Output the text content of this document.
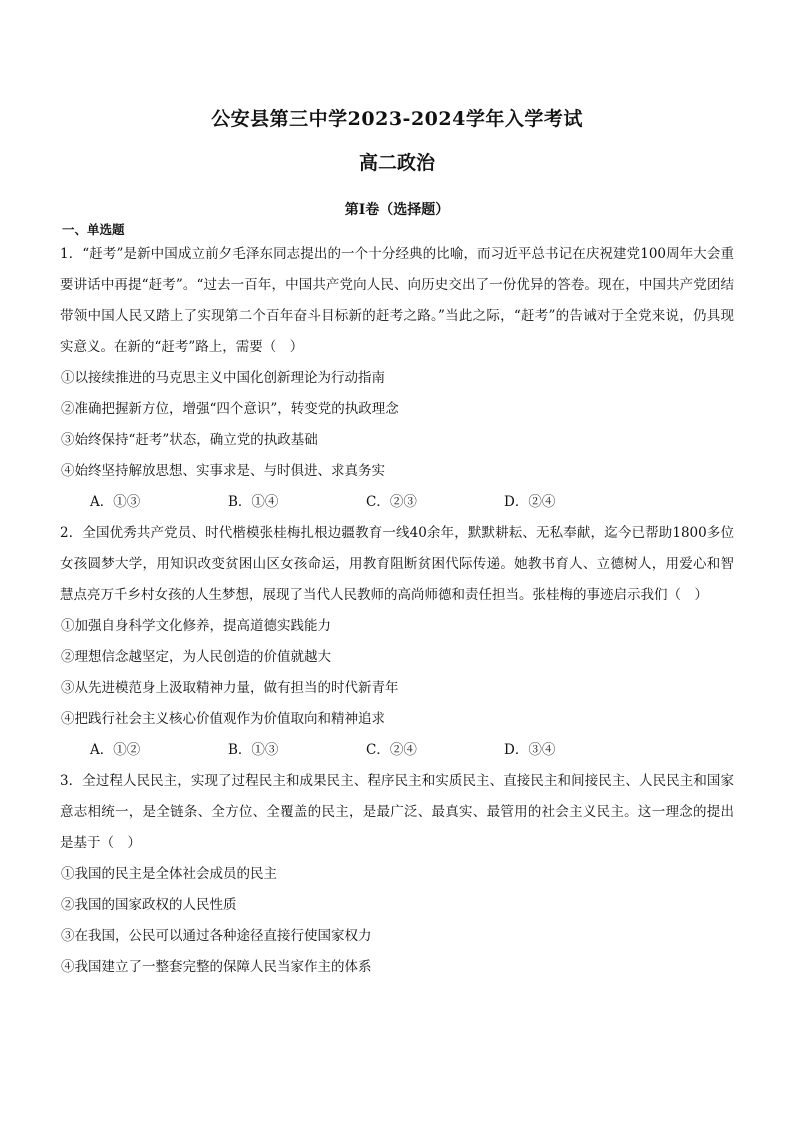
公安县第三中学2023-2024学年入学考试
高二政治
第Ⅰ卷（选择题）
一、单选题

1．“赶考”是新中国成立前夕毛泽东同志提出的一个十分经典的比喻，而习近平总书记在庆祝建党100周年大会重要讲话中再提“赶考”。“过去一百年，中国共产党向人民、向历史交出了一份优异的答卷。现在，中国共产党团结带领中国人民又踏上了实现第二个百年奋斗目标新的赶考之路。”当此之际，“赶考”的告诫对于全党来说，仍具现实意义。在新的“赶考”路上，需要（　）

①以接续推进的马克思主义中国化创新理论为行动指南
②准确把握新方位，增强“四个意识”，转变党的执政理念
③始终保持“赶考”状态，确立党的执政基础
④始终坚持解放思想、实事求是、与时俱进、求真务实
A．①③	B．①④	C．②③	D．②④

2．全国优秀共产党员、时代楷模张桂梅扎根边疆教育一线40余年，默默耕耘、无私奉献，迄今已帮助1800多位女孩圆梦大学，用知识改变贫困山区女孩命运，用教育阻断贫困代际传递。她教书育人、立德树人，用爱心和智慧点亮万千乡村女孩的人生梦想，展现了当代人民教师的高尚师德和责任担当。张桂梅的事迹启示我们（　）

①加强自身科学文化修养，提高道德实践能力
②理想信念越坚定，为人民创造的价值就越大
③从先进模范身上汲取精神力量，做有担当的时代新青年
④把践行社会主义核心价值观作为价值取向和精神追求
A．①②	B．①③	C．②④	D．③④

3．全过程人民民主，实现了过程民主和成果民主、程序民主和实质民主、直接民主和间接民主、人民民主和国家意志相统一，是全链条、全方位、全覆盖的民主，是最广泛、最真实、最管用的社会主义民主。这一理念的提出是基于（　）

①我国的民主是全体社会成员的民主
②我国的国家政权的人民性质
③在我国，公民可以通过各种途径直接行使国家权力
④我国建立了一整套完整的保障人民当家作主的体系
